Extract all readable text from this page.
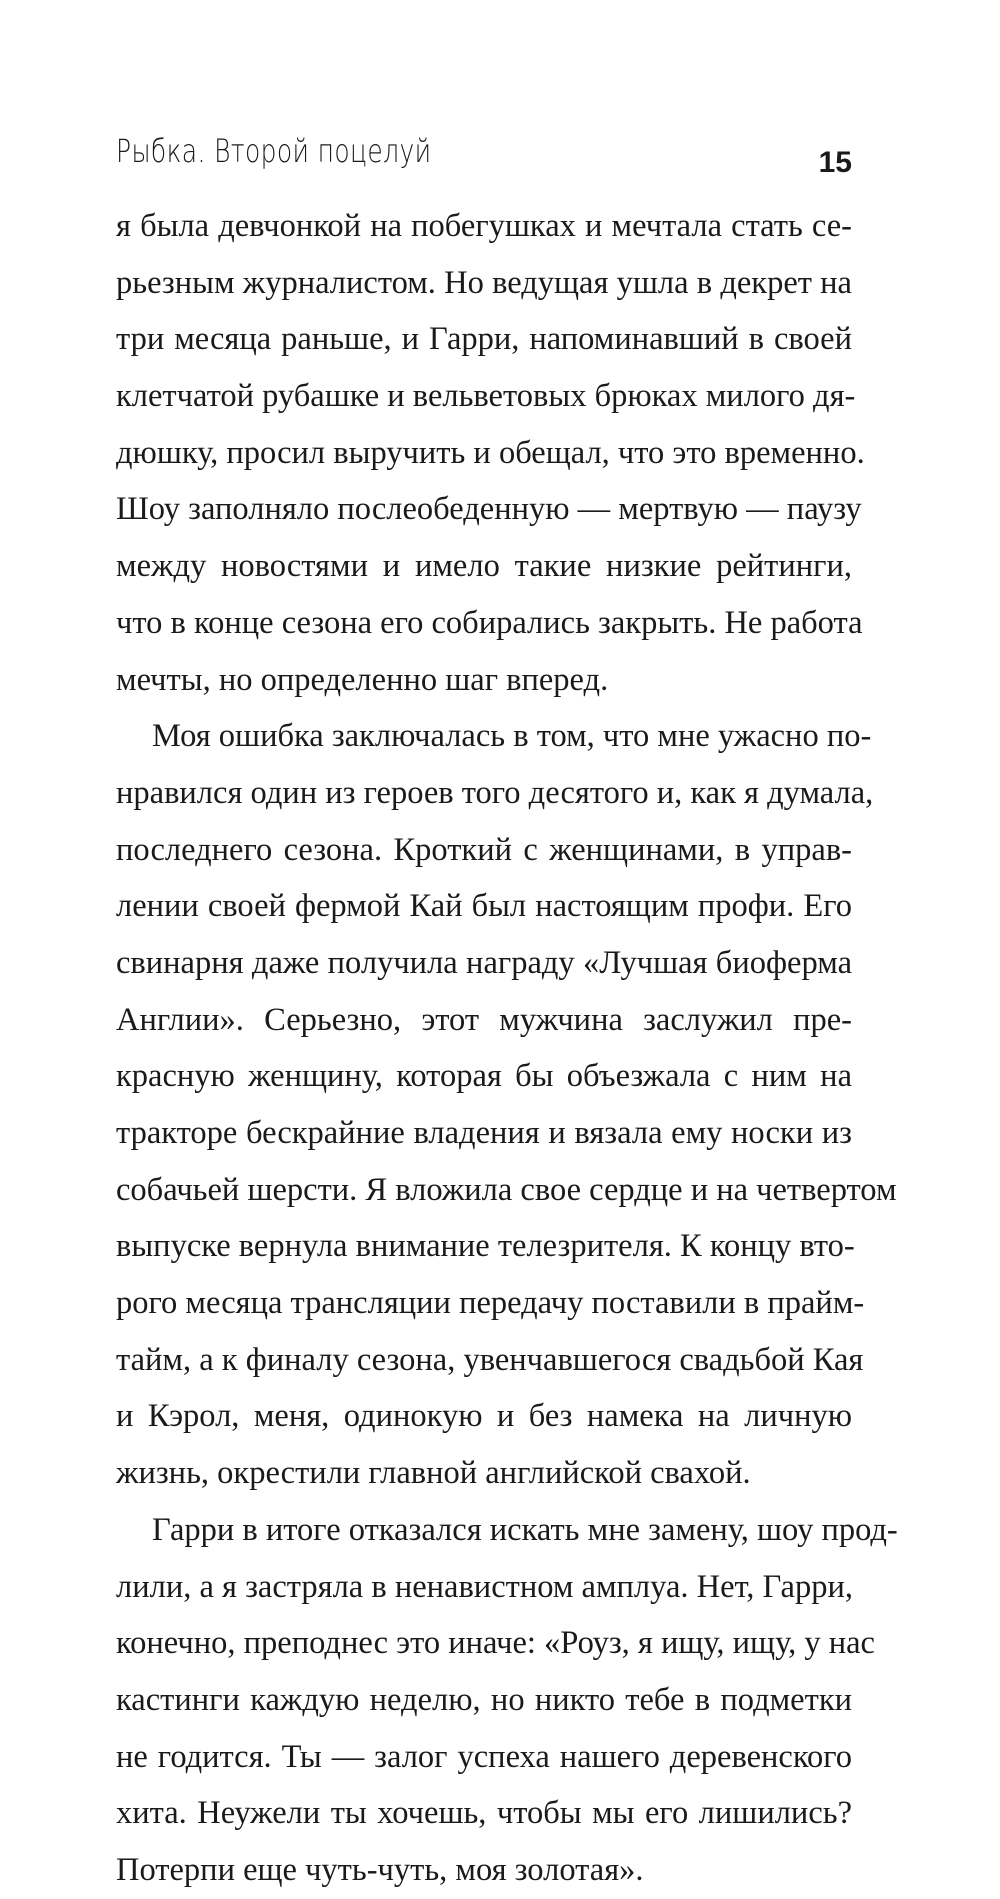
Рыбка. Второй поцелуй	15
я была девчонкой на побегушках и мечтала стать се-
рьезным журналистом. Но ведущая ушла в декрет на
три месяца раньше, и Гарри, напоминавший в своей
клетчатой рубашке и вельветовых брюках милого дя-
дюшку, просил выручить и обещал, что это временно.
Шоу заполняло послеобеденную — мертвую — паузу
между новостями и имело такие низкие рейтинги,
что в конце сезона его собирались закрыть. Не работа
мечты, но определенно шаг вперед.
Моя ошибка заключалась в том, что мне ужасно по-
нравился один из героев того десятого и, как я думала,
последнего сезона. Кроткий с женщинами, в управ-
лении своей фермой Кай был настоящим профи. Его
свинарня даже получила награду «Лучшая биоферма
Англии». Серьезно, этот мужчина заслужил пре-
красную женщину, которая бы объезжала с ним на
тракторе бескрайние владения и вязала ему носки из
собачьей шерсти. Я вложила свое сердце и на четвертом
выпуске вернула внимание телезрителя. К концу вто-
рого месяца трансляции передачу поставили в прайм-
тайм, а к финалу сезона, увенчавшегося свадьбой Кая
и Кэрол, меня, одинокую и без намека на личную
жизнь, окрестили главной английской свахой.
Гарри в итоге отказался искать мне замену, шоу прод-
лили, а я застряла в ненавистном амплуа. Нет, Гарри,
конечно, преподнес это иначе: «Роуз, я ищу, ищу, у нас
кастинги каждую неделю, но никто тебе в подметки
не годится. Ты — залог успеха нашего деревенского
хита. Неужели ты хочешь, чтобы мы его лишились?
Потерпи еще чуть-чуть, моя золотая».
